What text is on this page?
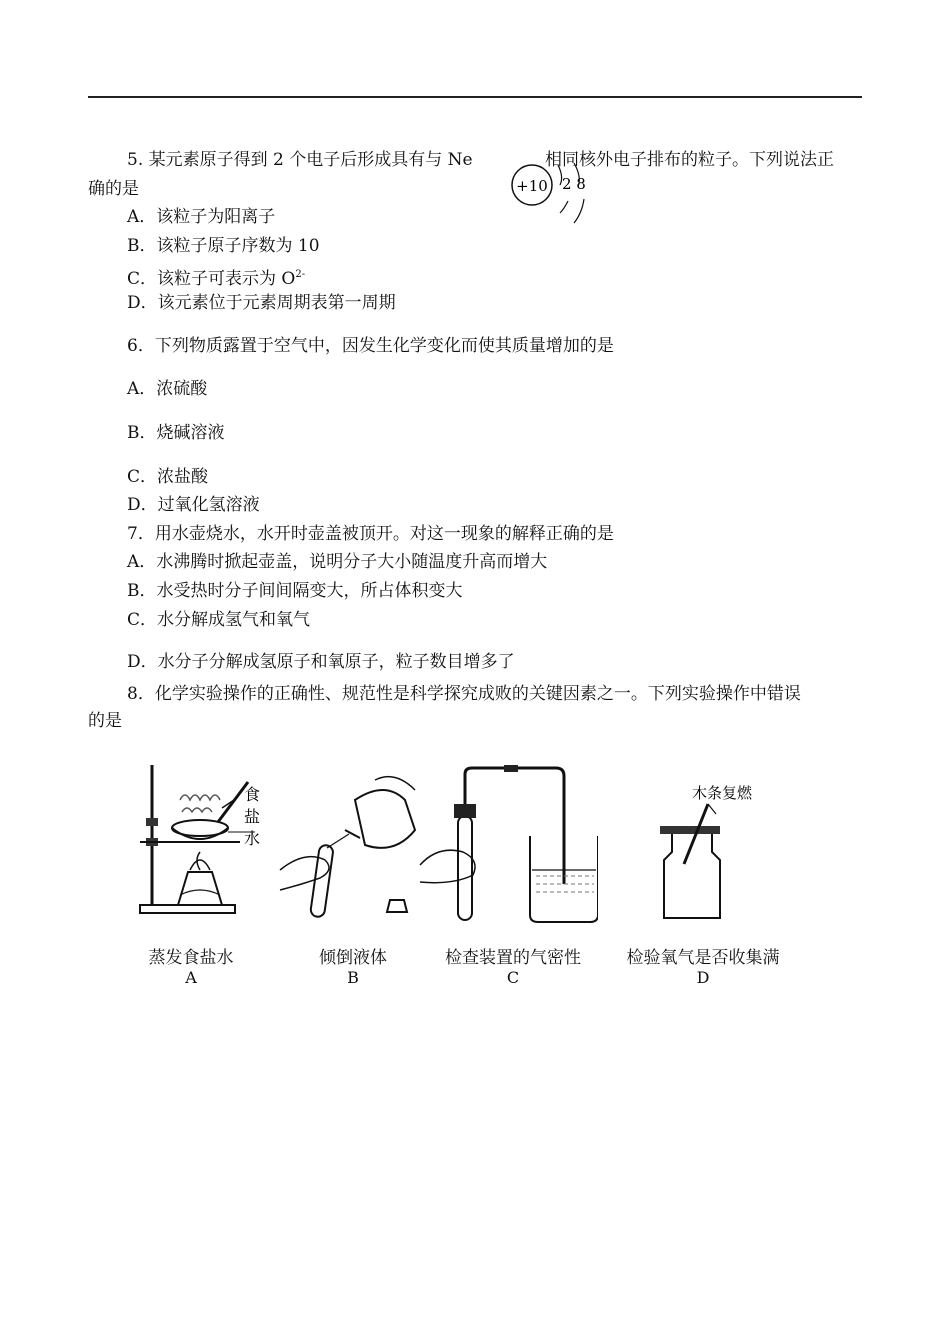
5. 某元素原子得到 2 个电子后形成具有与 Ne	相同核外电子排布的粒子。下列说法正
确的是	+10 2 8
A．该粒子为阳离子
B．该粒子原子序数为 10
C．该粒子可表示为 $O^{2-}$
D．该元素位于元素周期表第一周期
6．下列物质露置于空气中，因发生化学变化而使其质量增加的是
A．浓硫酸
B．烧碱溶液
C．浓盐酸
D．过氧化氢溶液
7．用水壶烧水，水开时壶盖被顶开。对这一现象的解释正确的是
A．水沸腾时掀起壶盖，说明分子大小随温度升高而增大
B．水受热时分子间间隔变大，所占体积变大
C．水分解成氢气和氧气
D．水分子分解成氢原子和氧原子，粒子数目增多了
8．化学实验操作的正确性、规范性是科学探究成败的关键因素之一。下列实验操作中错误
的是
食
盐
水
蒸发食盐水
A
倾倒液体
B
检查装置的气密性
C
木条复燃
检验氧气是否收集满
D
